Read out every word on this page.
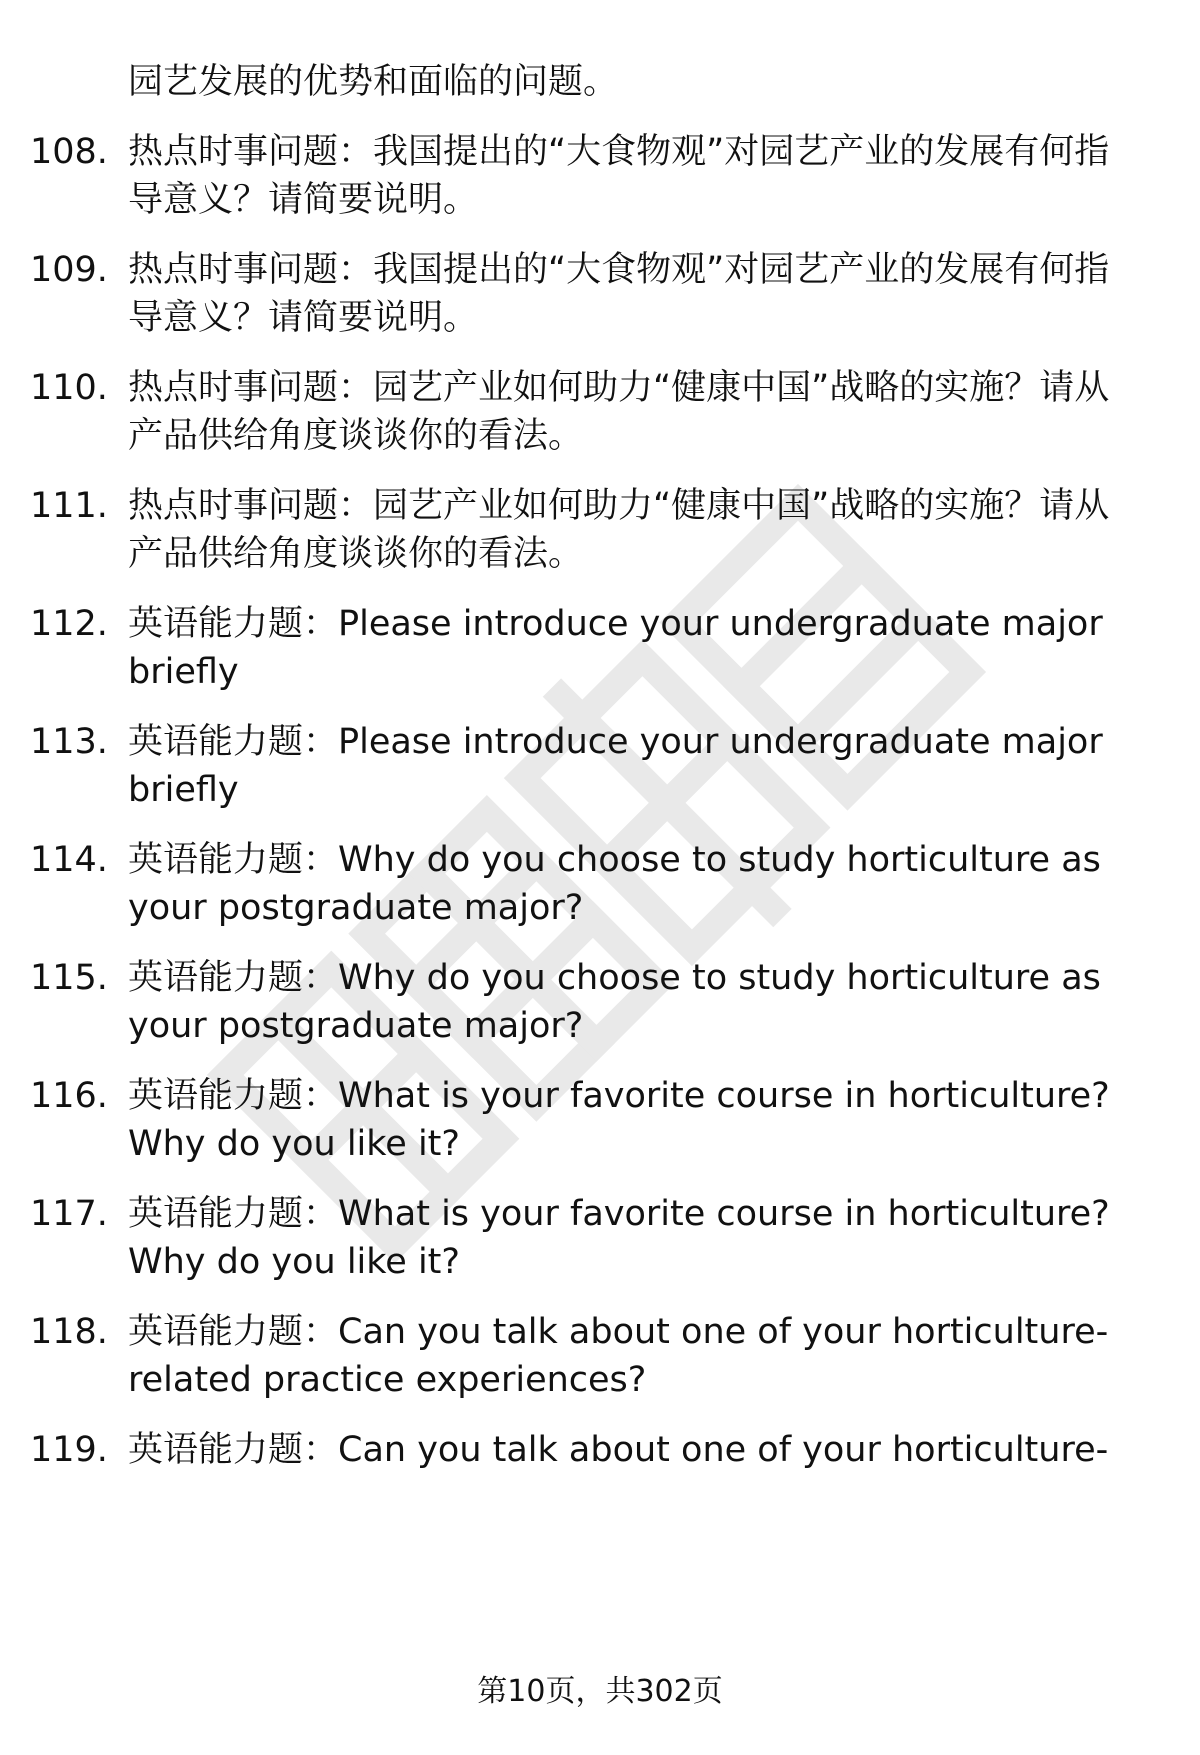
园艺发展的优势和面临的问题。
108. 热点时事问题：我国提出的“大食物观”对园艺产业的发展有何指导意义？请简要说明。
109. 热点时事问题：我国提出的“大食物观”对园艺产业的发展有何指导意义？请简要说明。
110. 热点时事问题：园艺产业如何助力“健康中国”战略的实施？请从产品供给角度谈谈你的看法。
111. 热点时事问题：园艺产业如何助力“健康中国”战略的实施？请从产品供给角度谈谈你的看法。
112. 英语能力题：Please introduce your undergraduate major briefly
113. 英语能力题：Please introduce your undergraduate major briefly
114. 英语能力题：Why do you choose to study horticulture as your postgraduate major?
115. 英语能力题：Why do you choose to study horticulture as your postgraduate major?
116. 英语能力题：What is your favorite course in horticulture? Why do you like it?
117. 英语能力题：What is your favorite course in horticulture? Why do you like it?
118. 英语能力题：Can you talk about one of your horticulture-related practice experiences?
119. 英语能力题：Can you talk about one of your horticulture-
第10页，共302页
